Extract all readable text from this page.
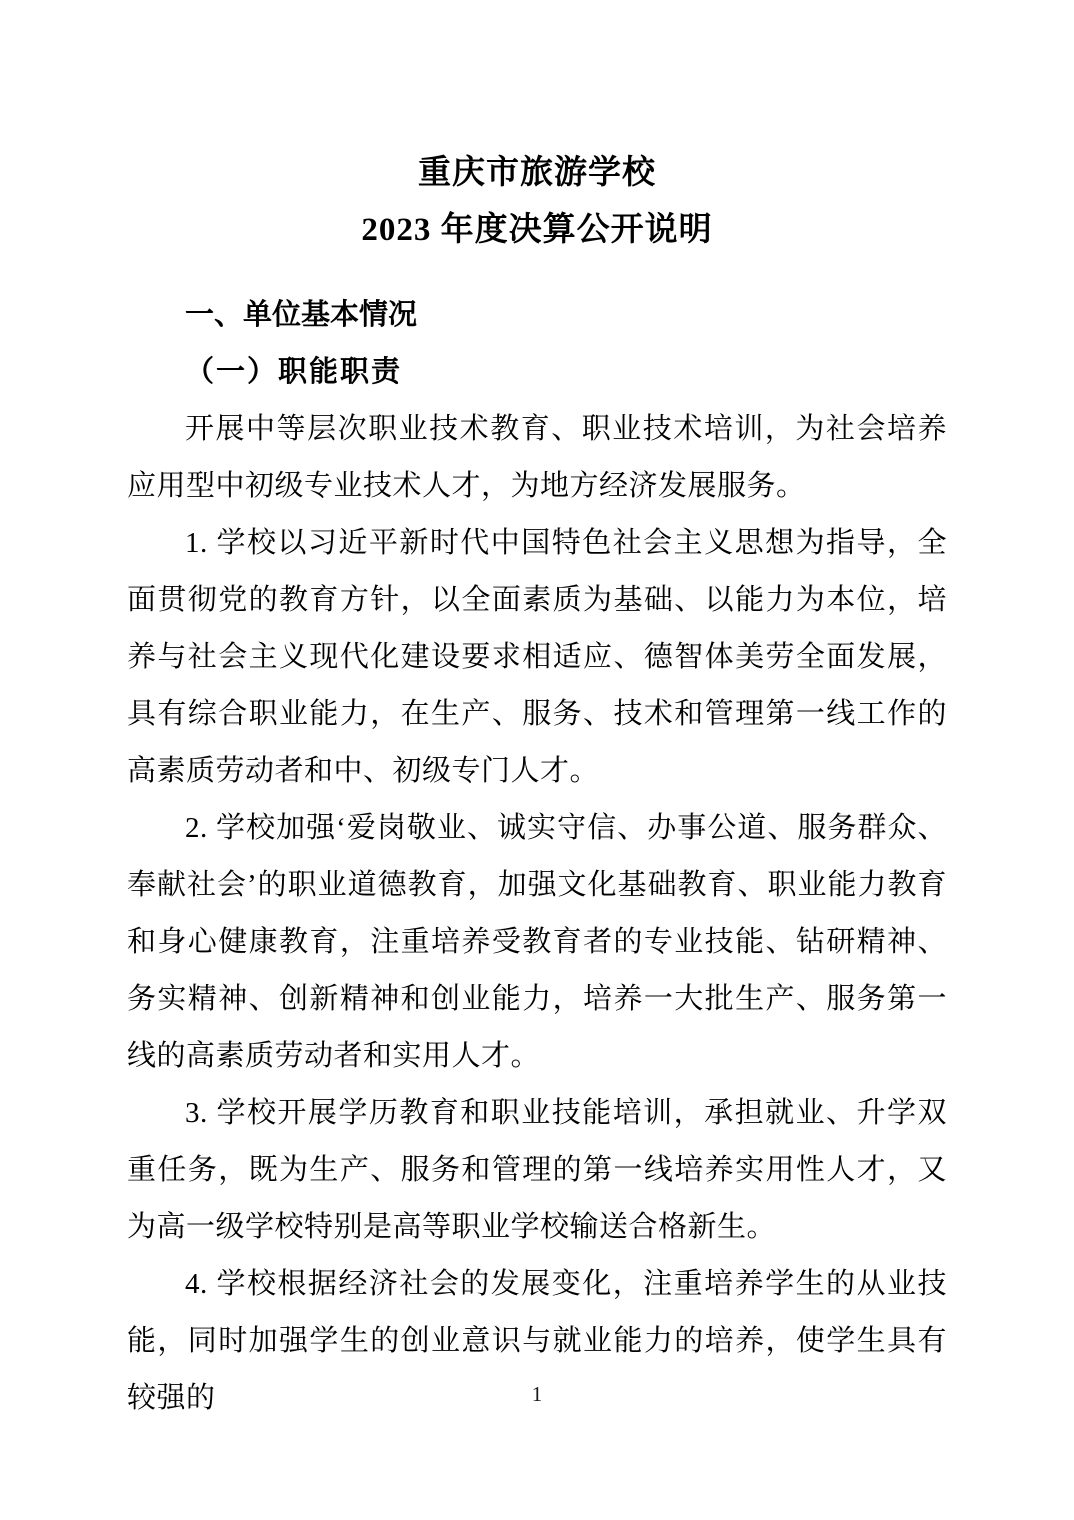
重庆市旅游学校
2023 年度决算公开说明
一、单位基本情况
（一）职能职责

开展中等层次职业技术教育、职业技术培训，为社会培养应用型中初级专业技术人才，为地方经济发展服务。

1. 学校以习近平新时代中国特色社会主义思想为指导，全面贯彻党的教育方针，以全面素质为基础、以能力为本位，培养与社会主义现代化建设要求相适应、德智体美劳全面发展，具有综合职业能力，在生产、服务、技术和管理第一线工作的高素质劳动者和中、初级专门人才。

2. 学校加强‘爱岗敬业、诚实守信、办事公道、服务群众、奉献社会’的职业道德教育，加强文化基础教育、职业能力教育和身心健康教育，注重培养受教育者的专业技能、钻研精神、务实精神、创新精神和创业能力，培养一大批生产、服务第一线的高素质劳动者和实用人才。

3. 学校开展学历教育和职业技能培训，承担就业、升学双重任务，既为生产、服务和管理的第一线培养实用性人才，又为高一级学校特别是高等职业学校输送合格新生。

4. 学校根据经济社会的发展变化，注重培养学生的从业技能，同时加强学生的创业意识与就业能力的培养，使学生具有较强的	1
